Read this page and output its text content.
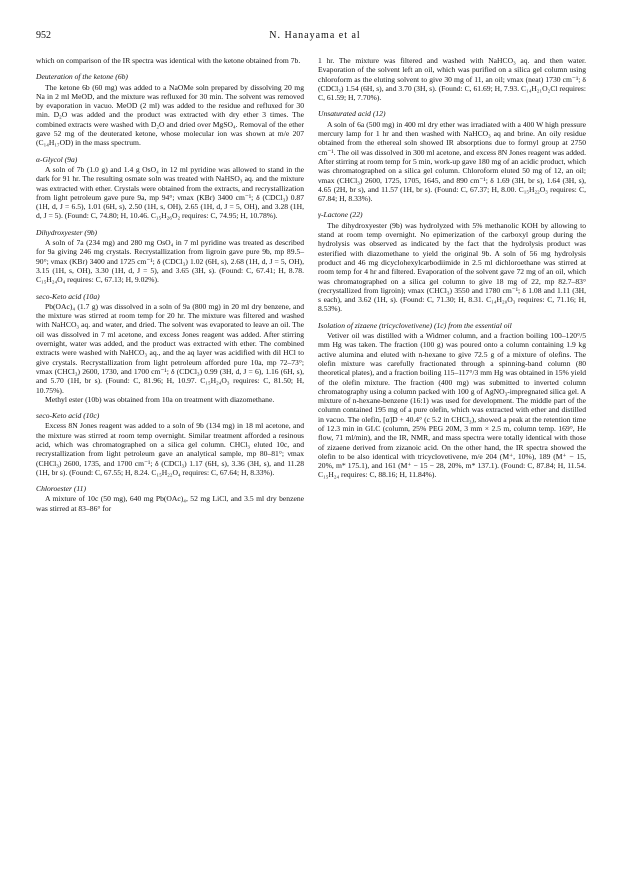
952	N. Hanayama et al

which on comparison of the IR spectra was identical with the ketone obtained from 7b.

Deuteration of the ketone (6b)

The ketone 6b (60 mg) was added to a NaOMe soln prepared by dissolving 20 mg Na in 2 ml MeOD, and the mixture was refluxed for 30 min. The solvent was removed by evaporation in vacuo. MeOD (2 ml) was added to the residue and refluxed for 30 min. D₂O was added and the product was extracted with dry ether 3 times. The combined extracts were washed with D₂O and dried over MgSO₄. Removal of the ether gave 52 mg of the deuterated ketone, whose molecular ion was shown at m/e 207 (C₁₄H₁₇OD) in the mass spectrum.

α-Glycol (9a)

A soln of 7b (1.0 g) and 1.4 g OsO₄ in 12 ml pyridine was allowed to stand in the dark for 91 hr. The resulting osmate soln was treated with NaHSO₃ aq. and the mixture was extracted with ether. Crystals were obtained from the extracts, and recrystallization from light petroleum gave pure 9a, mp 94°; νmax (KBr) 3400 cm⁻¹; δ (CDCl₃) 0.87 (1H, d, J = 6.5), 1.01 (6H, s), 2.50 (1H, s, OH), 2.65 (1H, d, J = 5, OH), and 3.28 (1H, d, J = 5). (Found: C, 74.80; H, 10.46. C₁₅H₂₆O₂ requires: C, 74.95; H, 10.78%).

Dihydroxyester (9b)

A soln of 7a (234 mg) and 280 mg OsO₄ in 7 ml pyridine was treated as described for 9a giving 246 mg crystals. Recrystallization from ligroin gave pure 9b, mp 89.5–90°; νmax (KBr) 3400 and 1725 cm⁻¹; δ (CDCl₃) 1.02 (6H, s), 2.68 (1H, d, J = 5, OH), 3.15 (1H, s, OH), 3.30 (1H, d, J = 5), and 3.65 (3H, s). (Found: C, 67.41; H, 8.78. C₁₅H₂₄O₄ requires: C, 67.13; H, 9.02%).

seco-Keto acid (10a)

Pb(OAc)₄ (1.7 g) was dissolved in a soln of 9a (800 mg) in 20 ml dry benzene, and the mixture was stirred at room temp for 20 hr. The mixture was filtered and washed with NaHCO₃ aq. and water, and dried. The solvent was evaporated to leave an oil. The oil was dissolved in 7 ml acetone, and excess Jones reagent was added. After stirring overnight, water was added, and the product was extracted with ether. The combined extracts were washed with NaHCO₃ aq., and the aq layer was acidified with dil HCl to give crystals. Recrystallization from light petroleum afforded pure 10a, mp 72–73°; νmax (CHCl₃) 2600, 1730, and 1700 cm⁻¹; δ (CDCl₃) 0.99 (3H, d, J = 6), 1.16 (6H, s), and 5.70 (1H, br s). (Found: C, 81.96; H, 10.97. C₁₅H₂₄O₃ requires: C, 81.50; H, 10.75%).

Methyl ester (10b) was obtained from 10a on treatment with diazomethane.

seco-Keto acid (10c)

Excess 8N Jones reagent was added to a soln of 9b (134 mg) in 18 ml acetone, and the mixture was stirred at room temp overnight. Similar treatment afforded a resinous acid, which was chromatographed on a silica gel column. CHCl₃ eluted 10c, and recrystallization from light petroleum gave an analytical sample, mp 80–81°; νmax (CHCl₃) 2600, 1735, and 1700 cm⁻¹; δ (CDCl₃) 1.17 (6H, s), 3.36 (3H, s), and 11.28 (1H, br s). (Found: C, 67.55; H, 8.24. C₁₅H₂₂O₄ requires: C, 67.64; H, 8.33%).

Chloroester (11)

A mixture of 10c (50 mg), 640 mg Pb(OAc)₄, 52 mg LiCl, and 3.5 ml dry benzene was stirred at 83–86° for

1 hr. The mixture was filtered and washed with NaHCO₃ aq. and then water. Evaporation of the solvent left an oil, which was purified on a silica gel column using chloroform as the eluting solvent to give 30 mg of 11, an oil; νmax (neat) 1730 cm⁻¹; δ (CDCl₃) 1.54 (6H, s), and 3.70 (3H, s). (Found: C, 61.69; H, 7.93. C₁₄H₂₁O₂Cl requires: C, 61.59; H, 7.70%).

Unsaturated acid (12)

A soln of 6a (500 mg) in 400 ml dry ether was irradiated with a 400 W high pressure mercury lamp for 1 hr and then washed with NaHCO₃ aq and brine. An oily residue obtained from the ethereal soln showed IR absorptions due to formyl group at 2750 cm⁻¹. The oil was dissolved in 300 ml acetone, and excess 8N Jones reagent was added. After stirring at room temp for 5 min, work-up gave 180 mg of an acidic product, which was chromatographed on a silica gel column. Chloroform eluted 50 mg of 12, an oil; νmax (CHCl₃) 2600, 1725, 1705, 1645, and 890 cm⁻¹; δ 1.69 (3H, br s), 1.64 (3H, s), 4.65 (2H, br s), and 11.57 (1H, br s). (Found: C, 67.37; H, 8.00. C₁₅H₂₂O₃ requires: C, 67.84; H, 8.33%).

γ-Lactone (22)

The dihydroxyester (9b) was hydrolyzed with 5% methanolic KOH by allowing to stand at room temp overnight. No epimerization of the carboxyl group during the hydrolysis was observed as indicated by the fact that the hydrolysis product was esterified with diazomethane to yield the original 9b. A soln of 56 mg hydrolysis product and 46 mg dicyclohexylcarbodiimide in 2.5 ml dichloroethane was stirred at room temp for 4 hr and filtered. Evaporation of the solvent gave 72 mg of an oil, which was chromatographed on a silica gel column to give 18 mg of 22, mp 82.7–83° (recrystallized from ligroin); νmax (CHCl₃) 3550 and 1780 cm⁻¹; δ 1.08 and 1.11 (3H, s each), and 3.62 (1H, s). (Found: C, 71.30; H, 8.31. C₁₄H₂₀O₃ requires: C, 71.16; H, 8.53%).

Isolation of zizaene (tricyclovetivene) (1c) from the essential oil

Vetiver oil was distilled with a Widmer column, and a fraction boiling 100–120°/5 mm Hg was taken. The fraction (100 g) was poured onto a column containing 1.9 kg active alumina and eluted with n-hexane to give 72.5 g of a mixture of olefins. The olefin mixture was carefully fractionated through a spinning-band column (80 theoretical plates), and a fraction boiling 115–117°/3 mm Hg was obtained in 15% yield of the olefin mixture. The fraction (400 mg) was submitted to inverted column chromatography using a column packed with 100 g of AgNO₃-impregnated silica gel. A mixture of n-hexane-benzene (16:1) was used for development. The middle part of the column contained 195 mg of a pure olefin, which was extracted with ether and distilled in vacuo. The olefin, [α]D + 40.4° (c 5.2 in CHCl₃), showed a peak at the retention time of 12.3 min in GLC (column, 25% PEG 20M, 3 mm × 2.5 m, column temp. 169°, He flow, 71 ml/min), and the IR, NMR, and mass spectra were totally identical with those of zizaene derived from zizanoic acid. On the other hand, the IR spectra showed the olefin to be also identical with tricyclovetivene, m/e 204 (M⁺, 10%), 189 (M⁺ − 15, 20%, m* 175.1), and 161 (M⁺ − 15 − 28, 20%, m* 137.1). (Found: C, 87.84; H, 11.54. C₁₅H₂₄ requires: C, 88.16; H, 11.84%).
